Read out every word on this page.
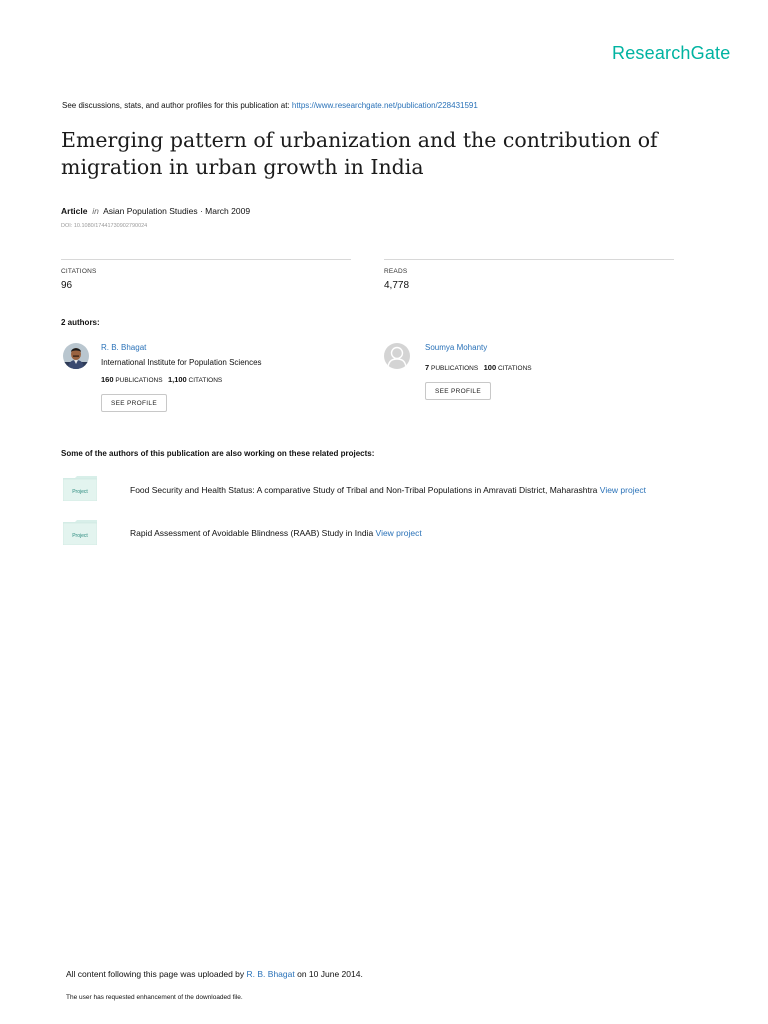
ResearchGate
See discussions, stats, and author profiles for this publication at: https://www.researchgate.net/publication/228431591
Emerging pattern of urbanization and the contribution of migration in urban growth in India
Article in Asian Population Studies · March 2009
DOI: 10.1080/17441730902790024
CITATIONS
96
READS
4,778
2 authors:
R. B. Bhagat
International Institute for Population Sciences
160 PUBLICATIONS 1,100 CITATIONS
SEE PROFILE
Soumya Mohanty
7 PUBLICATIONS 100 CITATIONS
SEE PROFILE
Some of the authors of this publication are also working on these related projects:
Project	Food Security and Health Status: A comparative Study of Tribal and Non-Tribal Populations in Amravati District, Maharashtra View project
Project	Rapid Assessment of Avoidable Blindness (RAAB) Study in India View project
All content following this page was uploaded by R. B. Bhagat on 10 June 2014.
The user has requested enhancement of the downloaded file.
